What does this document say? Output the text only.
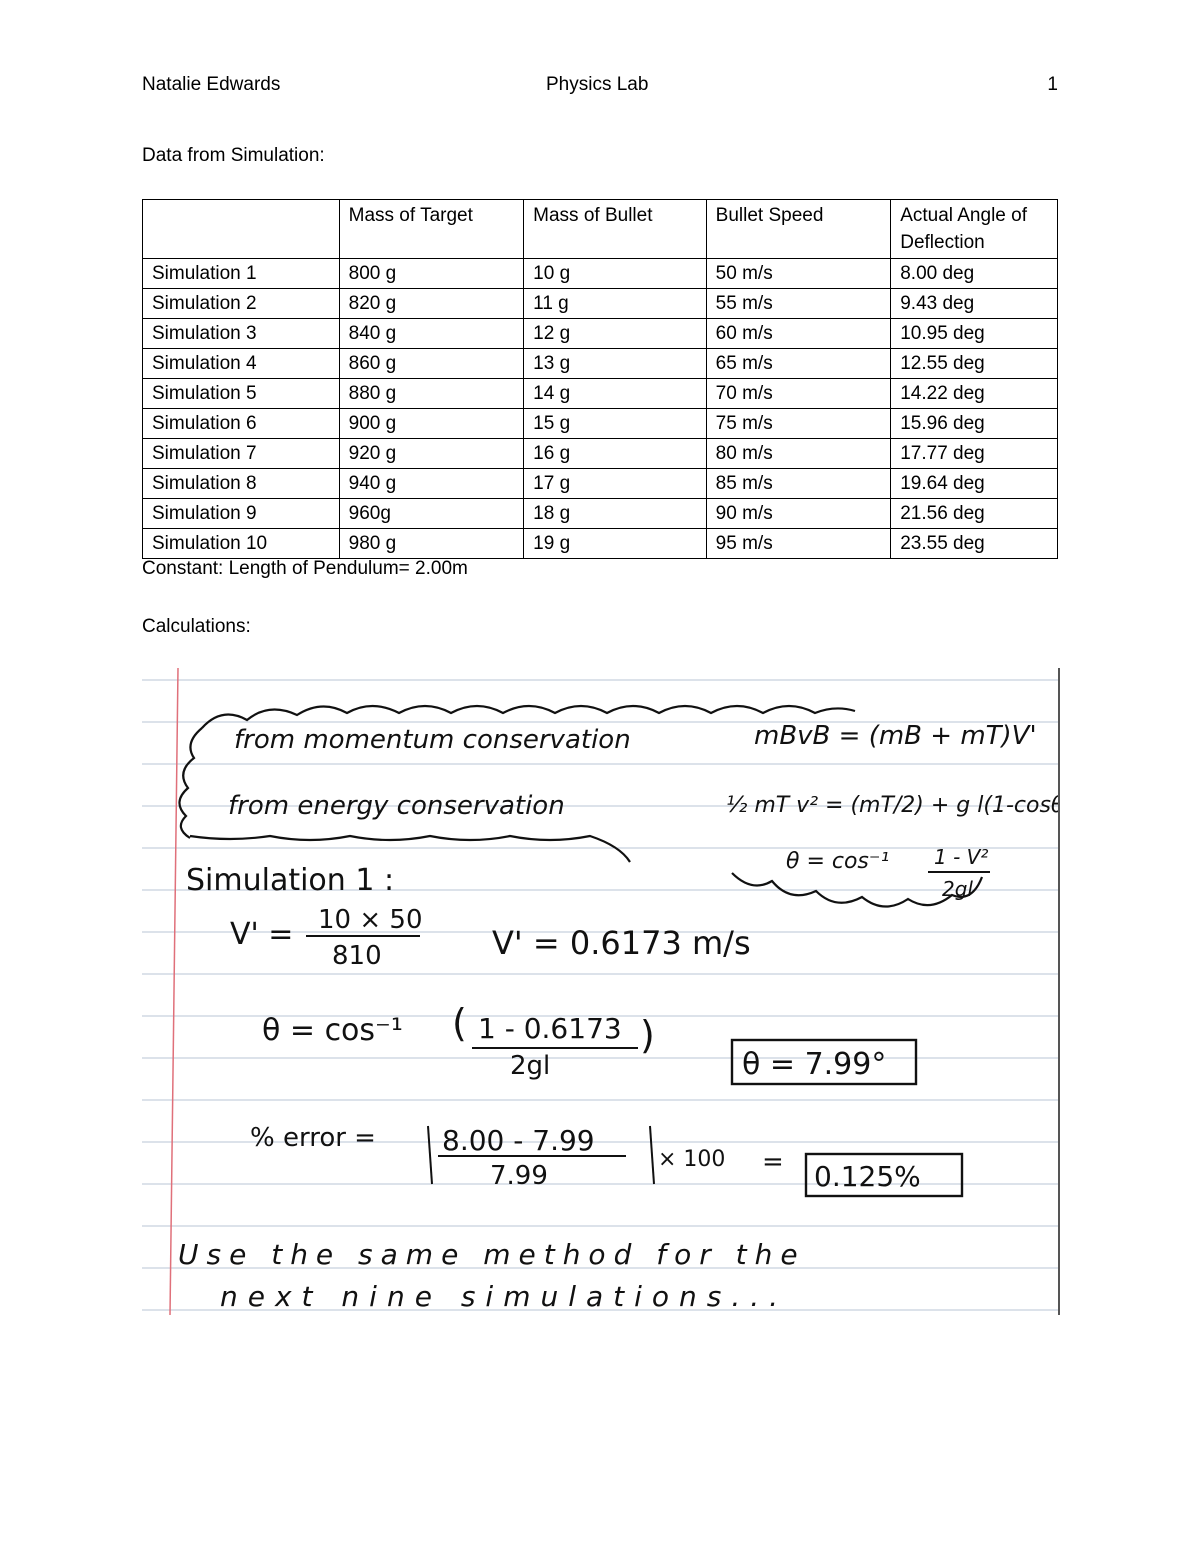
Natalie Edwards	Physics Lab	1
Data from Simulation:
	Mass of Target	Mass of Bullet	Bullet Speed	Actual Angle of Deflection
Simulation 1	800 g	10 g	50 m/s	8.00 deg
Simulation 2	820 g	11 g	55 m/s	9.43 deg
Simulation 3	840 g	12 g	60 m/s	10.95 deg
Simulation 4	860 g	13 g	65 m/s	12.55 deg
Simulation 5	880 g	14 g	70 m/s	14.22 deg
Simulation 6	900 g	15 g	75 m/s	15.96 deg
Simulation 7	920 g	16 g	80 m/s	17.77 deg
Simulation 8	940 g	17 g	85 m/s	19.64 deg
Simulation 9	960g	18 g	90 m/s	21.56 deg
Simulation 10	980 g	19 g	95 m/s	23.55 deg
Constant: Length of Pendulum= 2.00m
Calculations:
from momentum conservation	mBvB = (mB + mT)V'
from energy conservation	½ mT v² = (mT/2) + g l(1-cosθ)
θ = cos⁻¹ 1 - V²
2gl
Simulation 1 :
V' = 10 × 50
810	V' = 0.6173 m/s
θ = cos⁻¹ ( 1 - 0.6173
2gl
)
θ = 7.99°
% error = 8.00 - 7.99
7.99
× 100 = 0.125%
Use the same method for the
next nine simulations...
